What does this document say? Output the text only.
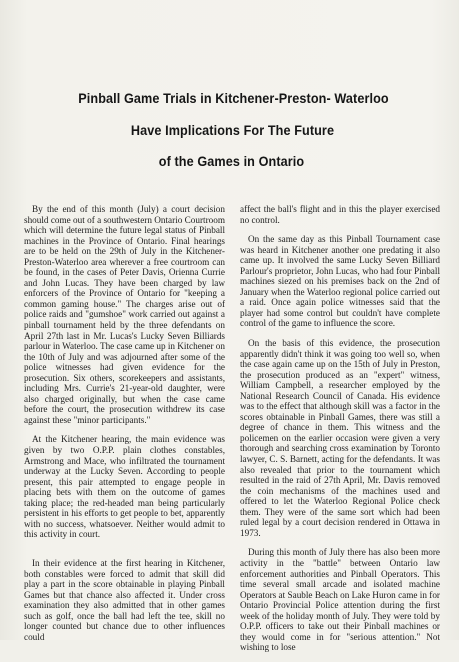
Pinball Game Trials in Kitchener-Preston- Waterloo
Have Implications For The Future
of the Games in Ontario

By the end of this month (July) a court decision should come out of a southwestern Ontario Courtroom which will determine the future legal status of Pinball machines in the Province of Ontario. Final hearings are to be held on the 29th of July in the Kitchener-Preston-Waterloo area wherever a free courtroom can be found, in the cases of Peter Davis, Orienna Currie and John Lucas. They have been charged by law enforcers of the Province of Ontario for "keeping a common gaming house." The charges arise out of police raids and "gumshoe" work carried out against a pinball tournament held by the three defendants on April 27th last in Mr. Lucas's Lucky Seven Billiards parlour in Waterloo. The case came up in Kitchener on the 10th of July and was adjourned after some of the police witnesses had given evidence for the prosecution. Six others, scorekeepers and assistants, including Mrs. Currie's 21-year-old daughter, were also charged originally, but when the case came before the court, the prosecution withdrew its case against these "minor participants."

At the Kitchener hearing, the main evidence was given by two O.P.P. plain clothes constables, Armstrong and Mace, who infiltrated the tournament underway at the Lucky Seven. According to people present, this pair attempted to engage people in placing bets with them on the outcome of games taking place; the red-headed man being particularly persistent in his efforts to get people to bet, apparently with no success, whatsoever. Neither would admit to this activity in court.

In their evidence at the first hearing in Kitchener, both constables were forced to admit that skill did play a part in the score obtainable in playing Pinball Games but that chance also affected it. Under cross examination they also admitted that in other games such as golf, once the ball had left the tee, skill no longer counted but chance due to other influences could

affect the ball's flight and in this the player exercised no control.

On the same day as this Pinball Tournament case was heard in Kitchener another one predating it also came up. It involved the same Lucky Seven Billiard Parlour's proprietor, John Lucas, who had four Pinball machines siezed on his premises back on the 2nd of January when the Waterloo regional police carried out a raid. Once again police witnesses said that the player had some control but couldn't have complete control of the game to influence the score.

On the basis of this evidence, the prosecution apparently didn't think it was going too well so, when the case again came up on the 15th of July in Preston, the prosecution produced as an "expert" witness, William Campbell, a researcher employed by the National Research Council of Canada. His evidence was to the effect that although skill was a factor in the scores obtainable in Pinball Games, there was still a degree of chance in them. This witness and the policemen on the earlier occasion were given a very thorough and searching cross examination by Toronto lawyer, C. S. Barnett, acting for the defendants. It was also revealed that prior to the tournament which resulted in the raid of 27th April, Mr. Davis removed the coin mechanisms of the machines used and offered to let the Waterloo Regional Police check them. They were of the same sort which had been ruled legal by a court decision rendered in Ottawa in 1973.

During this month of July there has also been more activity in the "battle" between Ontario law enforcement authorities and Pinball Operators. This time several small arcade and isolated machine Operators at Sauble Beach on Lake Huron came in for Ontario Provincial Police attention during the first week of the holiday month of July. They were told by O.P.P. officers to take out their Pinball machines or they would come in for "serious attention." Not wishing to lose
